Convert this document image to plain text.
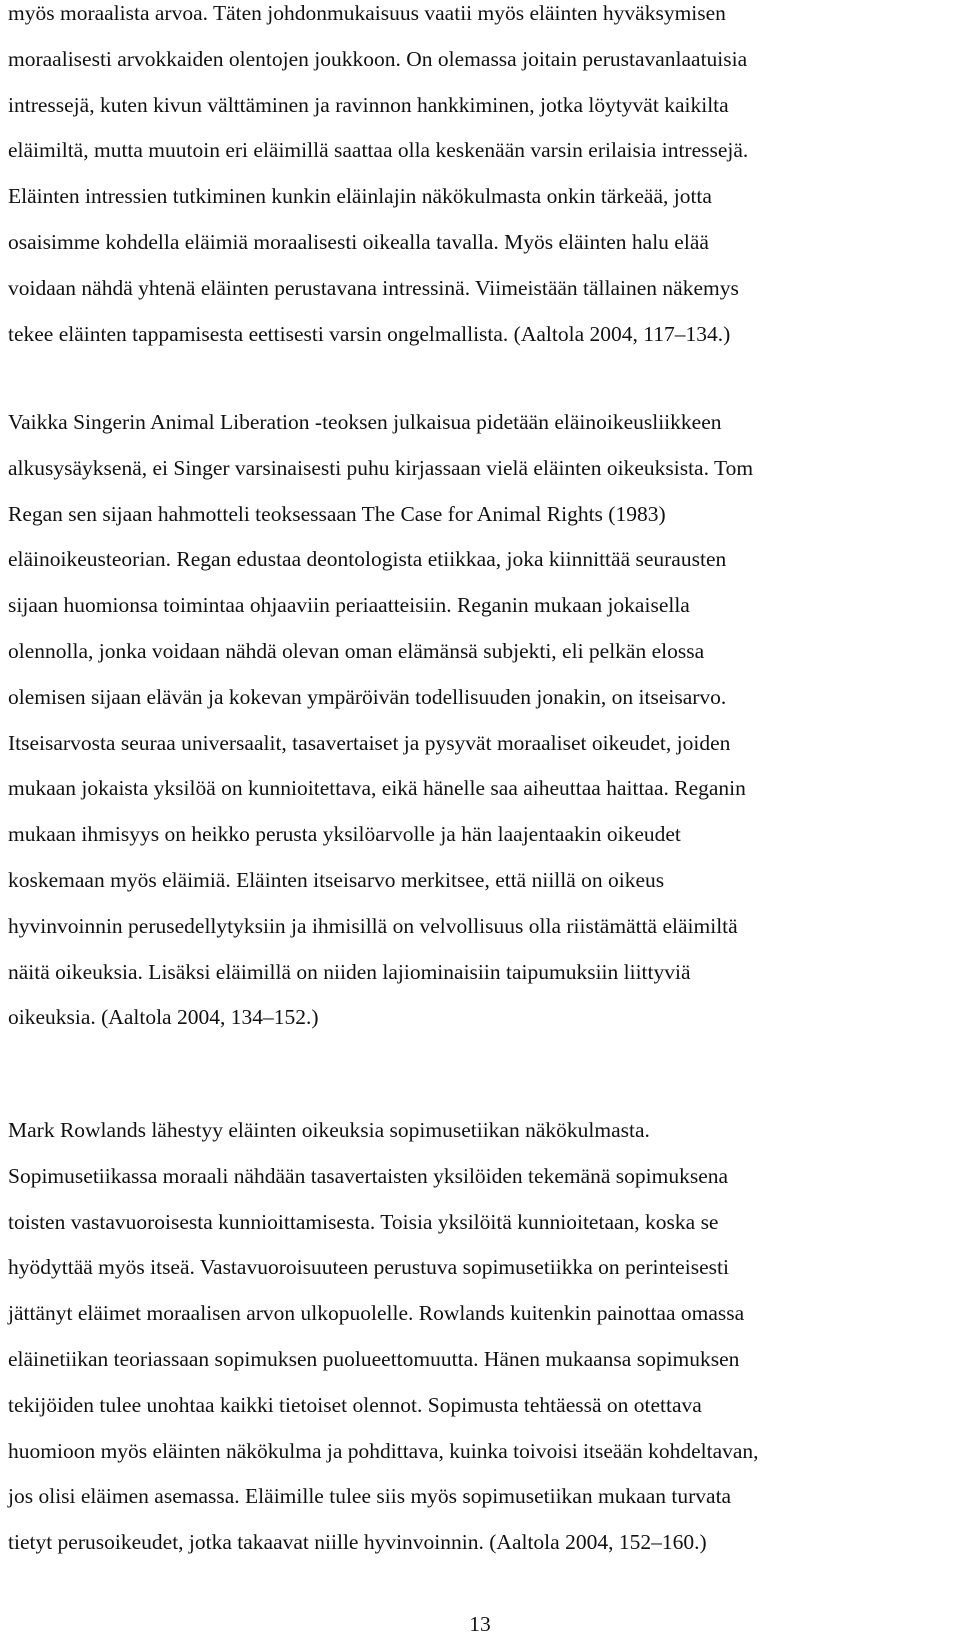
myös moraalista arvoa. Täten johdonmukaisuus vaatii myös eläinten hyväksymisen
moraalisesti arvokkaiden olentojen joukkoon. On olemassa joitain perustavanlaatuisia
intressejä, kuten kivun välttäminen ja ravinnon hankkiminen, jotka löytyvät kaikilta
eläimiltä, mutta muutoin eri eläimillä saattaa olla keskenään varsin erilaisia intressejä.
Eläinten intressien tutkiminen kunkin eläinlajin näkökulmasta onkin tärkeää, jotta
osaisimme kohdella eläimiä moraalisesti oikealla tavalla. Myös eläinten halu elää
voidaan nähdä yhtenä eläinten perustavana intressinä. Viimeistään tällainen näkemys
tekee eläinten tappamisesta eettisesti varsin ongelmallista. (Aaltola 2004, 117–134.)

Vaikka Singerin Animal Liberation -teoksen julkaisua pidetään eläinoikeusliikkeen
alkusysäyksenä, ei Singer varsinaisesti puhu kirjassaan vielä eläinten oikeuksista. Tom
Regan sen sijaan hahmotteli teoksessaan The Case for Animal Rights (1983)
eläinoikeusteorian. Regan edustaa deontologista etiikkaa, joka kiinnittää seurausten
sijaan huomionsa toimintaa ohjaaviin periaatteisiin. Reganin mukaan jokaisella
olennolla, jonka voidaan nähdä olevan oman elämänsä subjekti, eli pelkän elossa
olemisen sijaan elävän ja kokevan ympäröivän todellisuuden jonakin, on itseisarvo.
Itseisarvosta seuraa universaalit, tasavertaiset ja pysyvät moraaliset oikeudet, joiden
mukaan jokaista yksilöä on kunnioitettava, eikä hänelle saa aiheuttaa haittaa. Reganin
mukaan ihmisyys on heikko perusta yksilöarvolle ja hän laajentaakin oikeudet
koskemaan myös eläimiä. Eläinten itseisarvo merkitsee, että niillä on oikeus
hyvinvoinnin perusedellytyksiin ja ihmisillä on velvollisuus olla riistämättä eläimiltä
näitä oikeuksia. Lisäksi eläimillä on niiden lajiominaisiin taipumuksiin liittyviä
oikeuksia. (Aaltola 2004, 134–152.)

Mark Rowlands lähestyy eläinten oikeuksia sopimusetiikan näkökulmasta.
Sopimusetiikassa moraali nähdään tasavertaisten yksilöiden tekemänä sopimuksena
toisten vastavuoroisesta kunnioittamisesta. Toisia yksilöitä kunnioitetaan, koska se
hyödyttää myös itseä. Vastavuoroisuuteen perustuva sopimusetiikka on perinteisesti
jättänyt eläimet moraalisen arvon ulkopuolelle. Rowlands kuitenkin painottaa omassa
eläinetiikan teoriassaan sopimuksen puolueettomuutta. Hänen mukaansa sopimuksen
tekijöiden tulee unohtaa kaikki tietoiset olennot. Sopimusta tehtäessä on otettava
huomioon myös eläinten näkökulma ja pohdittava, kuinka toivoisi itseään kohdeltavan,
jos olisi eläimen asemassa. Eläimille tulee siis myös sopimusetiikan mukaan turvata
tietyt perusoikeudet, jotka takaavat niille hyvinvoinnin. (Aaltola 2004, 152–160.)

13
